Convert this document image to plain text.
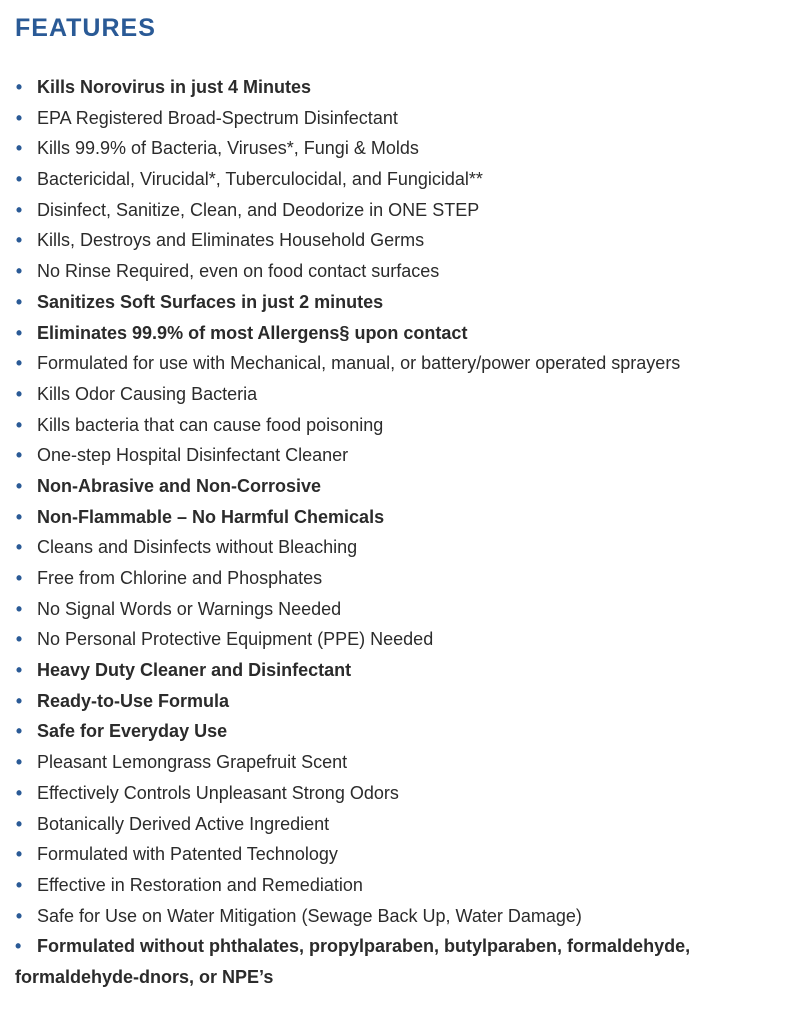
FEATURES
• Kills Norovirus in just 4 Minutes
• EPA Registered Broad-Spectrum Disinfectant
• Kills 99.9% of Bacteria, Viruses*, Fungi & Molds
• Bactericidal, Virucidal*, Tuberculocidal, and Fungicidal**
• Disinfect, Sanitize, Clean, and Deodorize in ONE STEP
• Kills, Destroys and Eliminates Household Germs
• No Rinse Required, even on food contact surfaces
• Sanitizes Soft Surfaces in just 2 minutes
• Eliminates 99.9% of most Allergens§ upon contact
• Formulated for use with Mechanical, manual, or battery/power operated sprayers
• Kills Odor Causing Bacteria
• Kills bacteria that can cause food poisoning
• One-step Hospital Disinfectant Cleaner
• Non-Abrasive and Non-Corrosive
• Non-Flammable – No Harmful Chemicals
• Cleans and Disinfects without Bleaching
• Free from Chlorine and Phosphates
• No Signal Words or Warnings Needed
• No Personal Protective Equipment (PPE) Needed
• Heavy Duty Cleaner and Disinfectant
• Ready-to-Use Formula
• Safe for Everyday Use
• Pleasant Lemongrass Grapefruit Scent
• Effectively Controls Unpleasant Strong Odors
• Botanically Derived Active Ingredient
• Formulated with Patented Technology
• Effective in Restoration and Remediation
• Safe for Use on Water Mitigation (Sewage Back Up, Water Damage)
• Formulated without phthalates, propylparaben, butylparaben, formaldehyde, formaldehyde-dnors, or NPE’s
